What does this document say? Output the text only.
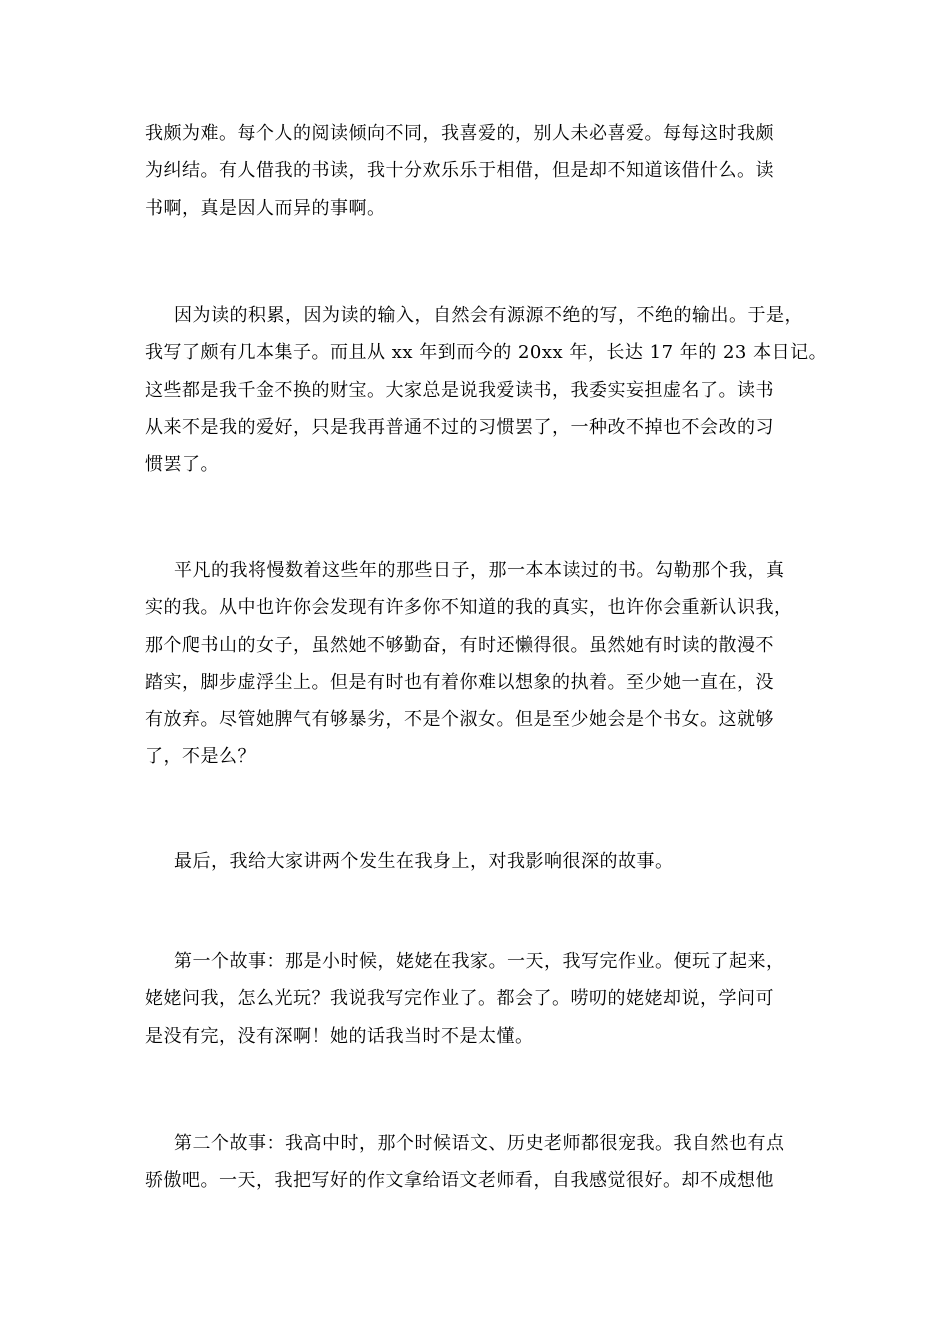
我颇为难。每个人的阅读倾向不同，我喜爱的，别人未必喜爱。每每这时我颇
为纠结。有人借我的书读，我十分欢乐乐于相借，但是却不知道该借什么。读
书啊，真是因人而异的事啊。
因为读的积累，因为读的输入，自然会有源源不绝的写，不绝的输出。于是，
我写了颇有几本集子。而且从 xx 年到而今的 20xx 年，长达 17 年的 23 本日记。
这些都是我千金不换的财宝。大家总是说我爱读书，我委实妄担虚名了。读书
从来不是我的爱好，只是我再普通不过的习惯罢了，一种改不掉也不会改的习
惯罢了。
平凡的我将慢数着这些年的那些日子，那一本本读过的书。勾勒那个我，真
实的我。从中也许你会发现有许多你不知道的我的真实，也许你会重新认识我，
那个爬书山的女子，虽然她不够勤奋，有时还懒得很。虽然她有时读的散漫不
踏实，脚步虚浮尘上。但是有时也有着你难以想象的执着。至少她一直在，没
有放弃。尽管她脾气有够暴劣，不是个淑女。但是至少她会是个书女。这就够
了，不是么？
最后，我给大家讲两个发生在我身上，对我影响很深的故事。
第一个故事：那是小时候，姥姥在我家。一天，我写完作业。便玩了起来，
姥姥问我，怎么光玩？我说我写完作业了。都会了。唠叨的姥姥却说，学问可
是没有完，没有深啊！她的话我当时不是太懂。
第二个故事：我高中时，那个时候语文、历史老师都很宠我。我自然也有点
骄傲吧。一天，我把写好的作文拿给语文老师看，自我感觉很好。却不成想他
